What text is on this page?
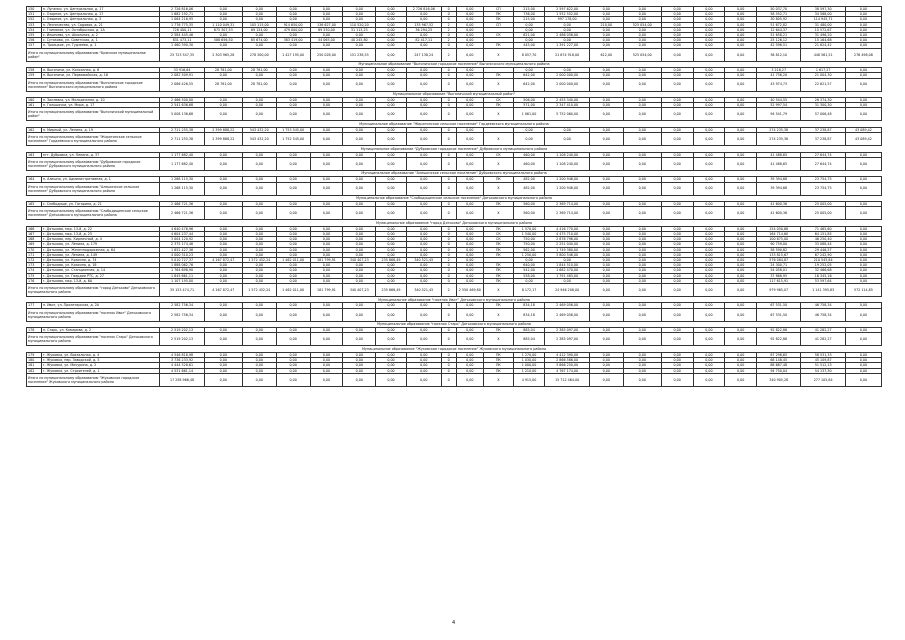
150	п. Луганки, ул. Центральная, д. 17	2 726 816,06	0,00	0,00	0,00	0,00	0,00	0,00	2 726 816,06	0	0,00	СП	215,00	2 597 622,00	0,00	0,00	0,00	0,00	0,00	50 037,70	38 597,30	0,00
151	с. Озорное, ул. Центральная, д. 17	1 682 192,71	0,00	0,00	0,00	0,00	0,00	0,00	0,00	0	0,00	ПК	736,00	1 552 552,00	0,00	0,00	0,00	0,00	0,00	58 552,71	34 588,00	0,00
152	с. Озорное, ул. Центральная, д. 3	1 064 216,95	0,00	0,00	0,00	0,00	0,00	0,00	0,00	0	0,00	ПК	215,00	997 178,00	0,00	0,00	0,00	0,00	0,00	30 805,92	114 945,71	0,00
153	п. Лесничество, ул. Садовая, д. 21	1 776 775,35	1 110 049,31	105 115,00	914 650,00	136 627,00	110 520,20	0,00	135 967,52	2	0,00	СП	0,00	0,00	210,00	525 054,00	0,00	0,00	0,00	51 672,82	31 480,00	0,00
154	с. Глиняное, ул. Октябрьская, д. 2А	728 400,11	675 307,53	69 154,00	479 000,00	69 530,00	31 113,23	0,00	36 294,25	2	0,00		0,00	0,00	0,00	0,00	0,00	0,00	0,00	12 644,37	15 572,67	0,00
155	с. Ильичево, ул. Школьная, д. 2	2 584 445,46	0,00	0,00	0,00	0,00	0,00	0,00	0,00	0	0,00	СК	821,00	2 486 056,00	0,00	0,00	0,00	0,00	0,00	51 658,21	31 496,20	0,00
156	с. Сутоково, ул. Советская, д. 1	831 473,11	588 656,50	65 674,00	383 419,00	54 065,00	40 245,80	0,00	82 417,11	2	0,00		0,00	0,00	0,00	0,00	0,00	0,00	0,00	25 126,12	15 164,68	0,00
157	п. Троицкое, ул. Гудзеева, д. 1	1 460 390,30	0,00	0,00	0,00	0,00	0,00	0,00	0,00	0	0,00	ПК	445,00	1 391 227,00	0,00	0,00	0,00	0,00	0,00	42 596,51	21 624,42	0,00
Итого по муниципальному образованию "Брянское муниципальное район"		25 723 547,35	2 303 965,28	278 300,00	1 427 195,00	250 028,00	151 238,55	0,00	247 138,24	2	0,00	Х	8 057,70	21 674 918,00	612,00	525 054,00	0,00	0,00	0,00	36 812,10	448 561,51	276 498,08
Муниципальное образование "Выгоничское городское поселение" Выгоничского муниципального района																						
158	п. Выгоничи, ул. Колхозная, д. 6	33 916,64	28 781,00	28 781,00	0,00	0,00	0,00	0,00	0,00	0	0,00		0,00	0,00	0,00	0,00	0,00	0,00	0,00	3 218,27	1 617,27	0,00
159	п. Выгоничи, ул. Первомайская, д. 16	2 082 509,91	0,00	0,00	0,00	0,00	0,00	0,00	0,00	0	0,00	ПК	642,00	2 000 000,00	0,00	0,00	0,00	0,00	0,00	41 756,20	21 004,30	0,00
Итого по муниципальному образованию "Выгоничское городское поселение" Выгоничского муниципального района		2 086 426,55	28 781,00	28 781,00	0,00	0,00	0,00	0,00	0,00	0	0,00	Х	642,00	2 000 000,00	0,00	0,00	0,00	0,00	0,00	43 974,73	22 621,57	0,00
Муниципальное образование "Выгоничский муниципальный район"																						
160	п. Заклевка, ул. Молодежная, д. 10	2 466 500,00	0,00	0,00	0,00	0,00	0,00	0,00	0,00	0	0,00	СК	506,00	2 455 340,00	0,00	0,00	0,00	0,00	0,00	40 544,55	26 374,30	0,00
161	п. Гольшачки, ул. Мира, д. 17	2 541 636,68	0,00	0,00	0,00	0,00	0,00	0,00	0,00	0	0,00	ПК	571,00	2 347 410,00	0,00	0,00	0,00	0,00	0,00	52 997,54	31 300,30	0,00
Итого по муниципальному образованию "Выгоничский муниципальный район"		5 008 136,68	0,00	0,00	0,00	0,00	0,00	0,00	0,00	0	0,00	Х	1 061,00	5 752 060,00	0,00	0,00	0,00	0,00	0,00	94 541,79	57 006,48	0,00
Муниципальное образование "Жирятинское сельское поселение" Гордеевского муниципального района																						
162	п. Мирный, ул. Ленина, д. 19	2 711 255,38	2 399 888,22	543 432,20	1 753 545,00	0,00	0,00	0,00	0,00	0	0,00		0,00	0,00	0,00	0,00	0,00	0,00	0,00	274 235,38	37 238,87	43 089,42
Итого по муниципальному образованию "Жирятинское сельское поселение" Гордеевского муниципального района		2 711 255,38	2 399 888,22	543 432,20	1 752 545,00	0,00	0,00	0,00	0,00	0	0,00	Х	0,00	0,00	0,00	0,00	0,00	0,00	0,00	274 235,38	37 238,87	43 089,42
Муниципальное образование "Дубровское городское поселение" Дубровского муниципального района																						
163	пгт. Дубровка, ул. Ленина, д. 37	1 177 682,40	0,00	0,00	0,00	0,00	0,00	0,00	0,00	0	0,00	СК	460,00	1 108 240,00	0,00	0,00	0,00	0,00	0,00	41 488,65	27 644,74	0,00
Итого по муниципальному образованию "Дубровское городское поселение" Дубровского муниципального района		1 177 682,40	0,00	0,00	0,00	0,00	0,00	0,00	0,00	0	0,00	Х	460,00	1 108 240,00	0,00	0,00	0,00	0,00	0,00	41 488,65	27 644,74	0,00
Муниципальное образование "Алешинское сельское поселение" Дубровского муниципального района																						
164	п. Алешня, ул. Административная, д. 1	1 268 115,30	0,00	0,00	0,00	0,00	0,00	0,00	0,00	0	0,00	ПК	482,00	1 200 946,00	0,00	0,00	0,00	0,00	0,00	39 394,68	23 754,75	0,00
Итого по муниципальному образованию "Алешинское сельское поселение" Дубровского муниципального района		1 268 115,30	0,00	0,00	0,00	0,00	0,00	0,00	0,00	0	0,00	Х	482,00	1 200 946,00	0,00	0,00	0,00	0,00	0,00	39 394,68	23 754,75	0,00
Муниципальное образование "Слободищенское сельское поселение" Дятьковского муниципального района																						
165	с. Слободище, ул. Гагарина, д. 21	2 466 721,36	0,00	0,00	0,00	0,00	0,00	0,00	0,00	0	0,00	ПК	560,00	2 369 714,00	0,00	0,00	0,00	0,00	0,00	41 600,36	25 005,00	0,00
Итого по муниципальному образованию "Слободищенское сельское поселение" Дятьковского муниципального района		2 466 721,36	0,00	0,00	0,00	0,00	0,00	0,00	0,00	0	0,00	Х	560,00	2 369 714,00	0,00	0,00	0,00	0,00	0,00	41 600,36	25 005,00	0,00
Муниципальное образование "город Дятьково" Дятьковского муниципального района																						
166	г. Дятьково, мкр. 13-й, д. 22	4 640 476,96	0,00	0,00	0,00	0,00	0,00	0,00	0,00	0	0,00	ПК	1 570,00	4 416 770,00	0,00	0,00	0,00	0,00	0,00	154 050,68	71 465,60	0,00
167	г. Дятьково, мкр. 13-й, д. 25	4 604 237,44	0,00	0,00	0,00	0,00	0,00	0,00	0,00	0	0,00	СК	1 540,00	4 475 710,00	0,00	0,00	0,00	0,00	0,00	164 714,60	64 151,85	0,00
168	г. Дятьково, пер. Кирпичный, д. 4	3 004 120,92	0,00	0,00	0,00	0,00	0,00	0,00	0,00	0	0,00	СК	750,00	2 876 796,00	0,00	0,00	0,00	0,00	0,00	100 675,00	46 250,40	0,00
169	г. Дятьково, ул. Ленина, д. 179	2 375 174,46	0,00	0,00	0,00	0,00	0,00	0,00	0,00	0	0,00	ПК	750,00	2 251 040,00	0,00	0,00	0,00	0,00	0,00	90 759,00	33 088,44	0,00
170	г. Дятьково, ул. Железнодорожная, д. 64	1 852 427,36	0,00	0,00	0,00	0,00	0,00	0,00	0,00	0	0,00	ПК	562,00	1 749 380,00	0,00	0,00	0,00	0,00	0,00	58 590,82	29 446,57	0,00
171	г. Дятьково, ул. Ленина, д. 149	4 000 310,23	0,00	0,00	0,00	0,00	0,00	0,00	0,00	0	0,00	ПК	1 250,00	3 800 546,00	0,00	0,00	0,00	0,00	0,00	133 815,67	67 242,90	0,00
172	г. Дятьково, ул. Красина, д. 74	5 010 727,37	4 167 872,47	1 572 452,24	1 462 011,00	181 799,91	340 407,23	235 868,49	340 521,45	2	0,00		0,00	0,00	0,00	0,00	0,00	0,00	0,00	576 084,87	210 545,84	0,00
173	г. Дятьково, ул. Красина, д. 18	1 888 062,76	0,00	0,00	0,00	0,00	0,00	0,00	0,00	0	0,00	ПК	640,00	1 844 510,00	0,00	0,00	0,00	0,00	0,00	24 300,71	19 252,05	0,00
174	г. Дятьково, ул. Станционная, д. 14	1 764 698,90	0,00	0,00	0,00	0,00	0,00	0,00	0,00	0	0,00	ПК	542,00	1 682 470,00	0,00	0,00	0,00	0,00	0,00	54 058,01	32 466,68	0,00
175	г. Дятьково, ул. Гвардии РТС, д. 27	1 845 661,11	0,00	0,00	0,00	0,00	0,00	0,00	0,00	0	0,00	ПК	558,00	1 791 483,00	0,00	0,00	0,00	0,00	0,00	37 868,95	16 345,16	0,00
176	г. Дятьково, мкр. 13-й, д. 6А	1 107 195,00	0,00	0,00	0,00	0,00	0,00	0,00	0,00	0	0,00	ПК	0,00	0,00	0,00	0,00	0,00	0,00	0,00	117 615,91	53 597,64	0,00
Итого по муниципальному образованию "город Дятьково" Дятьковского муниципального района		35 153 474,71	4 167 872,47	1 572 452,24	1 462 011,00	181 799,91	340 407,23	235 868,49	340 521,45	2	2 550 469,80	Х	8 172,17	24 946 208,00	0,00	0,00	0,00	0,00	0,00	979 965,07	1 141 395,83	572 114,85
Муниципальное образование "поселок Ивот" Дятьковского муниципального района																						
177	п. Ивот, ул. Пролетарская, д. 2А	2 582 756,34	0,00	0,00	0,00	0,00	0,00	0,00	0,00	0	0,00	ПК	834,18	2 469 056,00	0,00	0,00	0,00	0,00	0,00	67 531,50	46 758,34	0,00
Итого по муниципальному образованию "поселок Ивот" Дятьковского муниципального района		2 582 756,34	0,00	0,00	0,00	0,00	0,00	0,00	0,00	0	0,00	Х	834,18	2 469 056,00	0,00	0,00	0,00	0,00	0,00	67 531,50	46 758,34	0,00
Муниципальное образование "поселок Старь" Дятьковского муниципального района																						
178	п. Старь, ул. Комарова, д. 2	2 519 202,13	0,00	0,00	0,00	0,00	0,00	0,00	0,00	0	0,00	ПК	885,04	2 385 097,00	0,00	0,00	0,00	0,00	0,00	92 822,86	41 282,27	0,00
Итого по муниципальному образованию "поселок Старь" Дятьковского муниципального района		2 519 202,13	0,00	0,00	0,00	0,00	0,00	0,00	0,00	0	0,00	Х	885,04	2 385 097,00	0,00	0,00	0,00	0,00	0,00	92 822,86	41 282,27	0,00
Муниципальное образование "Жуковское городское поселение" Жуковского муниципального района																						
179	г. Жуковка, ул. Вокзальная, д. 4	4 546 818,98	0,00	0,00	0,00	0,00	0,00	0,00	0,00	0	0,00	ПК	1 270,00	4 412 390,00	0,00	0,00	0,00	0,00	0,00	87 298,65	58 531,33	0,00
180	г. Жуковка, пер. Заводской, д. 5	3 736 233,92	0,00	0,00	0,00	0,00	0,00	0,00	0,00	0	0,00	ПК	1 030,00	2 866 586,00	0,00	0,00	0,00	0,00	0,00	68 148,45	45 109,87	0,00
181	г. Жуковка, ул. Мичурина, д. 2	4 444 528,61	0,00	0,00	0,00	0,00	0,00	0,00	0,00	0	0,00	ПК	1 000,00	3 866 250,00	0,00	0,00	0,00	0,00	0,00	88 687,48	51 512,13	0,00
182	г. Жуковка, ул. Строителей, д. 1	4 531 661,14	0,00	0,00	0,00	0,00	0,00	0,00	0,00	0	0,00	ПК	1 210,00	4 767 174,00	0,00	0,00	0,00	0,00	0,00	94 750,04	54 137,30	0,00
Итого по муниципальному образованию "Жуковское городское поселение" Жуковского муниципального района		17 258 966,48	0,00	0,00	0,00	0,00	0,00	0,00	0,00	0	0,00	Х	4 915,00	15 712 464,00	0,00	0,00	0,00	0,00	0,00	340 905,28	277 105,84	0,00
4
